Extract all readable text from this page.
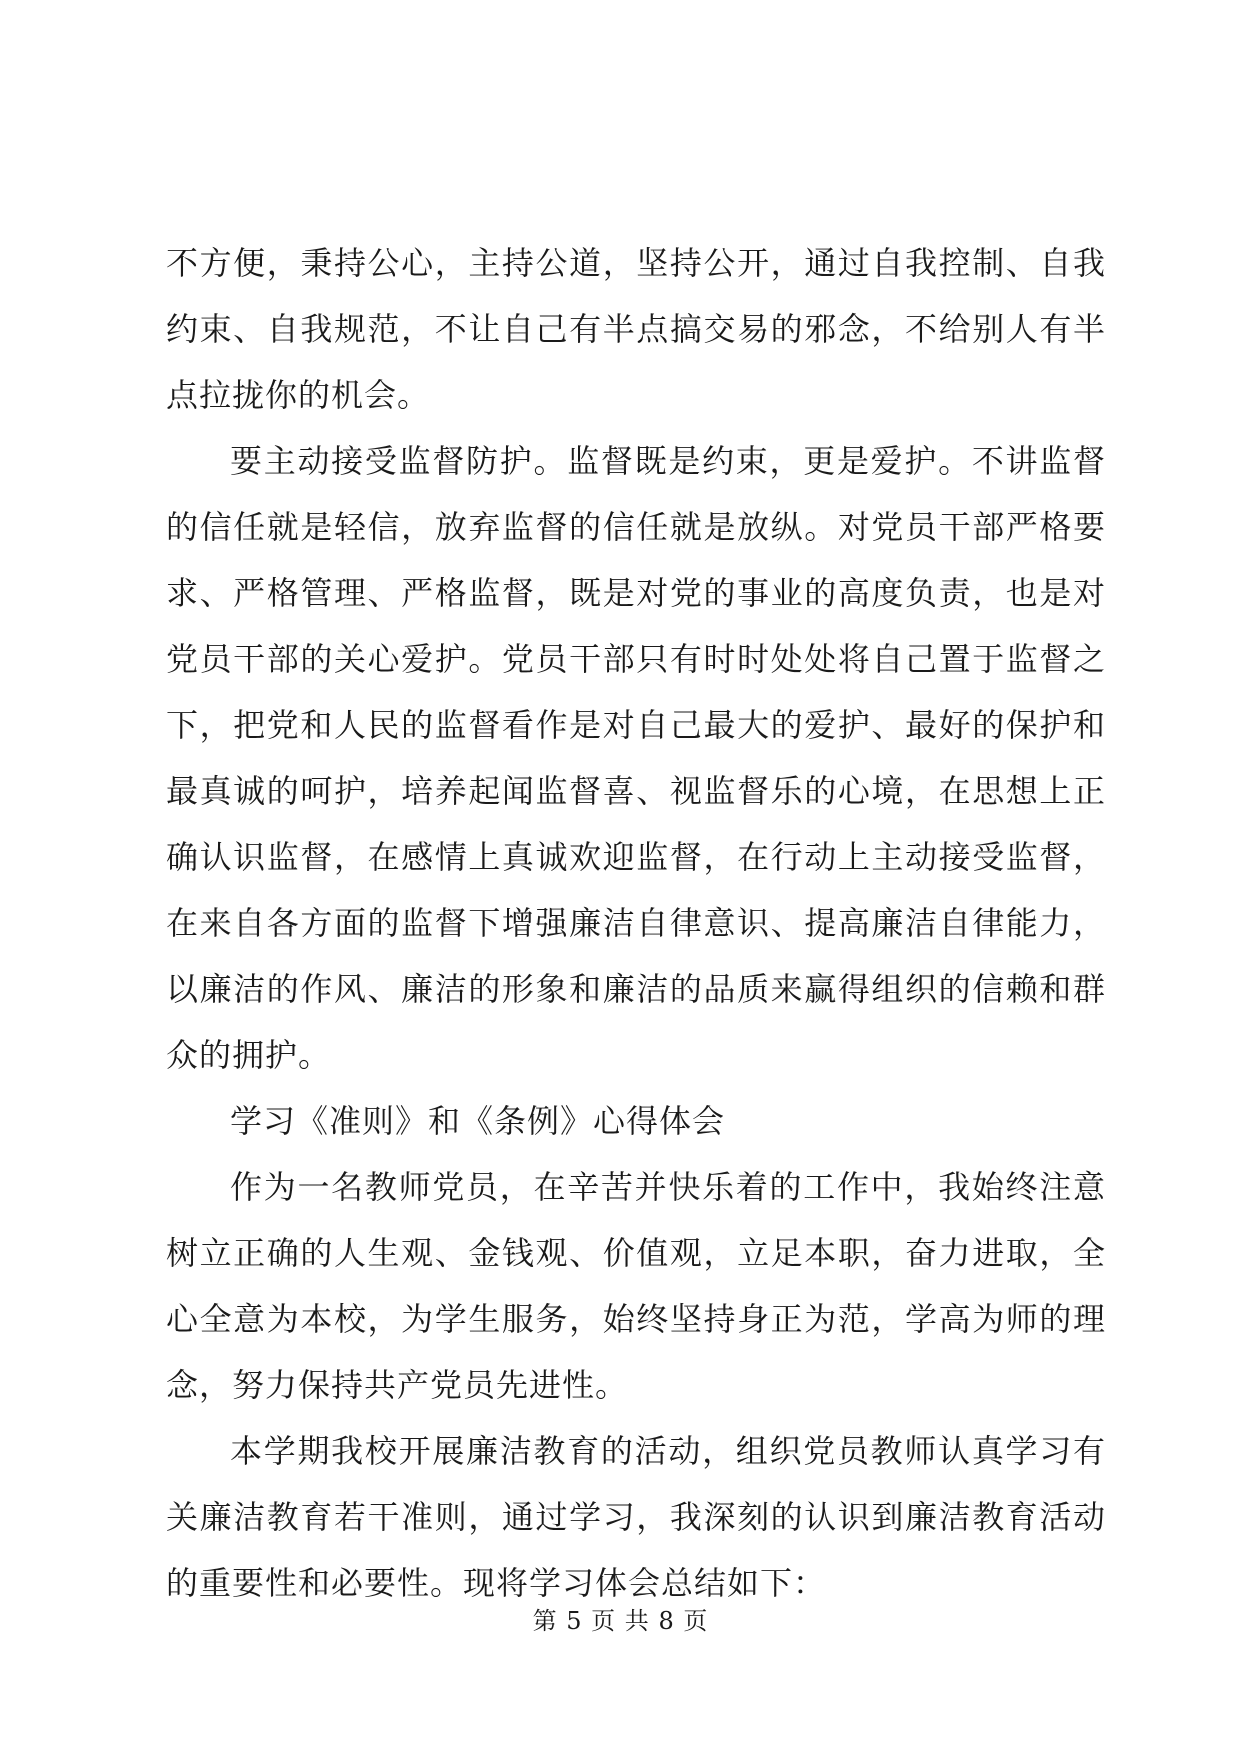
不方便，秉持公心，主持公道，坚持公开，通过自我控制、自我约束、自我规范，不让自己有半点搞交易的邪念，不给别人有半点拉拢你的机会。

要主动接受监督防护。监督既是约束，更是爱护。不讲监督的信任就是轻信，放弃监督的信任就是放纵。对党员干部严格要求、严格管理、严格监督，既是对党的事业的高度负责，也是对党员干部的关心爱护。党员干部只有时时处处将自己置于监督之下，把党和人民的监督看作是对自己最大的爱护、最好的保护和最真诚的呵护，培养起闻监督喜、视监督乐的心境，在思想上正确认识监督，在感情上真诚欢迎监督，在行动上主动接受监督，在来自各方面的监督下增强廉洁自律意识、提高廉洁自律能力，以廉洁的作风、廉洁的形象和廉洁的品质来赢得组织的信赖和群众的拥护。

学习《准则》和《条例》心得体会

作为一名教师党员，在辛苦并快乐着的工作中，我始终注意树立正确的人生观、金钱观、价值观，立足本职，奋力进取，全心全意为本校，为学生服务，始终坚持身正为范，学高为师的理念，努力保持共产党员先进性。

本学期我校开展廉洁教育的活动，组织党员教师认真学习有关廉洁教育若干准则，通过学习，我深刻的认识到廉洁教育活动的重要性和必要性。现将学习体会总结如下：

第 5 页 共 8 页
